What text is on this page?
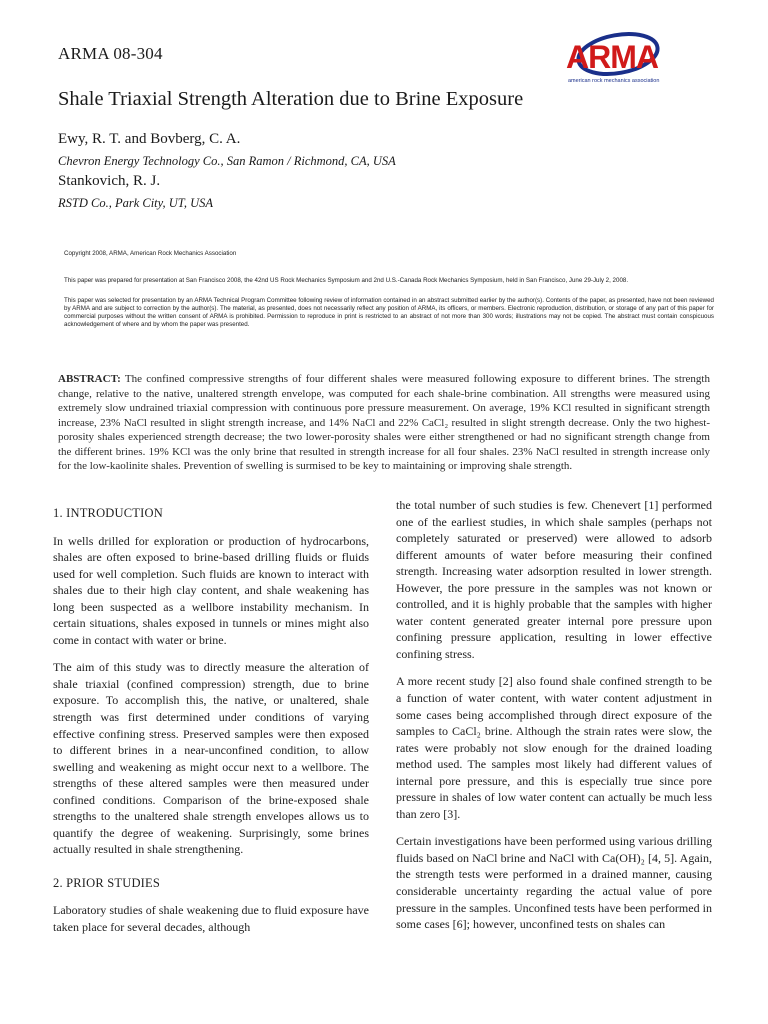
ARMA 08-304	ARMA
american rock mechanics association
Shale Triaxial Strength Alteration due to Brine Exposure
Ewy, R. T. and Bovberg, C. A.
Chevron Energy Technology Co., San Ramon / Richmond, CA, USA
Stankovich, R. J.
RSTD Co., Park City, UT, USA
Copyright 2008, ARMA, American Rock Mechanics Association
This paper was prepared for presentation at San Francisco 2008, the 42nd US Rock Mechanics Symposium and 2nd U.S.-Canada Rock Mechanics Symposium, held in San Francisco, June 29-July 2, 2008.
This paper was selected for presentation by an ARMA Technical Program Committee following review of information contained in an abstract submitted earlier by the author(s). Contents of the paper, as presented, have not been reviewed by ARMA and are subject to correction by the author(s). The material, as presented, does not necessarily reflect any position of ARMA, its officers, or members. Electronic reproduction, distribution, or storage of any part of this paper for commercial purposes without the written consent of ARMA is prohibited. Permission to reproduce in print is restricted to an abstract of not more than 300 words; illustrations may not be copied. The abstract must contain conspicuous acknowledgement of where and by whom the paper was presented.
ABSTRACT: The confined compressive strengths of four different shales were measured following exposure to different brines. The strength change, relative to the native, unaltered strength envelope, was computed for each shale-brine combination. All strengths were measured using extremely slow undrained triaxial compression with continuous pore pressure measurement. On average, 19% KCl resulted in significant strength increase, 23% NaCl resulted in slight strength increase, and 14% NaCl and 22% CaCl₂ resulted in slight strength decrease. Only the two highest-porosity shales experienced strength decrease; the two lower-porosity shales were either strengthened or had no significant strength change from the different brines. 19% KCl was the only brine that resulted in strength increase for all four shales. 23% NaCl resulted in strength increase only for the low-kaolinite shales. Prevention of swelling is surmised to be key to maintaining or improving shale strength.
1. INTRODUCTION

In wells drilled for exploration or production of hydrocarbons, shales are often exposed to brine-based drilling fluids or fluids used for well completion. Such fluids are known to interact with shales due to their high clay content, and shale weakening has long been suspected as a wellbore instability mechanism. In certain situations, shales exposed in tunnels or mines might also come in contact with water or brine.

The aim of this study was to directly measure the alteration of shale triaxial (confined compression) strength, due to brine exposure. To accomplish this, the native, or unaltered, shale strength was first determined under conditions of varying effective confining stress. Preserved samples were then exposed to different brines in a near-unconfined condition, to allow swelling and weakening as might occur next to a wellbore. The strengths of these altered samples were then measured under confined conditions. Comparison of the brine-exposed shale strengths to the unaltered shale strength envelopes allows us to quantify the degree of weakening. Surprisingly, some brines actually resulted in shale strengthening.

2. PRIOR STUDIES

Laboratory studies of shale weakening due to fluid exposure have taken place for several decades, although

the total number of such studies is few. Chenevert [1] performed one of the earliest studies, in which shale samples (perhaps not completely saturated or preserved) were allowed to adsorb different amounts of water before measuring their confined strength. Increasing water adsorption resulted in lower strength. However, the pore pressure in the samples was not known or controlled, and it is highly probable that the samples with higher water content generated greater internal pore pressure upon confining pressure application, resulting in lower effective confining stress.

A more recent study [2] also found shale confined strength to be a function of water content, with water content adjustment in some cases being accomplished through direct exposure of the samples to CaCl₂ brine. Although the strain rates were slow, the rates were probably not slow enough for the drained loading method used. The samples most likely had different values of internal pore pressure, and this is especially true since pore pressure in shales of low water content can actually be much less than zero [3].

Certain investigations have been performed using various drilling fluids based on NaCl brine and NaCl with Ca(OH)₂ [4, 5]. Again, the strength tests were performed in a drained manner, causing considerable uncertainty regarding the actual value of pore pressure in the samples. Unconfined tests have been performed in some cases [6]; however, unconfined tests on shales can
